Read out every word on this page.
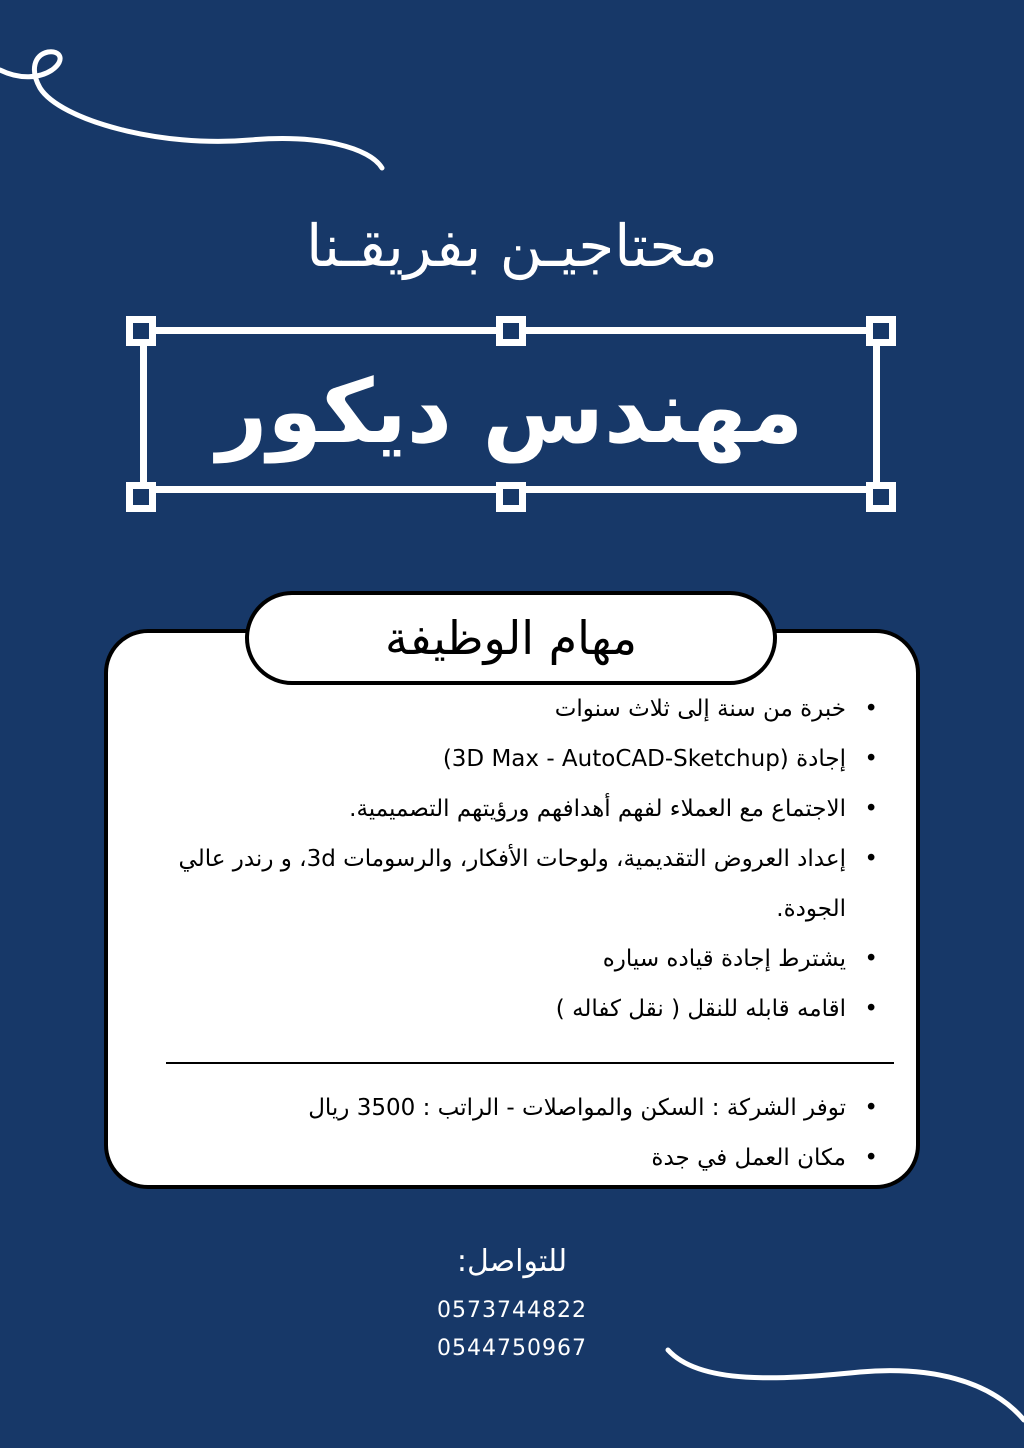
محتاجيـن بفريقـنا
مهندس ديكور
مهام الوظيفة
• خبرة من سنة إلى ثلاث سنوات
• إجادة (3D Max - AutoCAD-Sketchup)
• الاجتماع مع العملاء لفهم أهدافهم ورؤيتهم التصميمية.
• إعداد العروض التقديمية، ولوحات الأفكار، والرسومات 3d، و رندر عالي الجودة.
• يشترط إجادة قياده سياره
• اقامه قابله للنقل ( نقل كفاله )
• توفر الشركة : السكن والمواصلات - الراتب : 3500 ريال
• مكان العمل في جدة
للتواصل:
0573744822
0544750967
